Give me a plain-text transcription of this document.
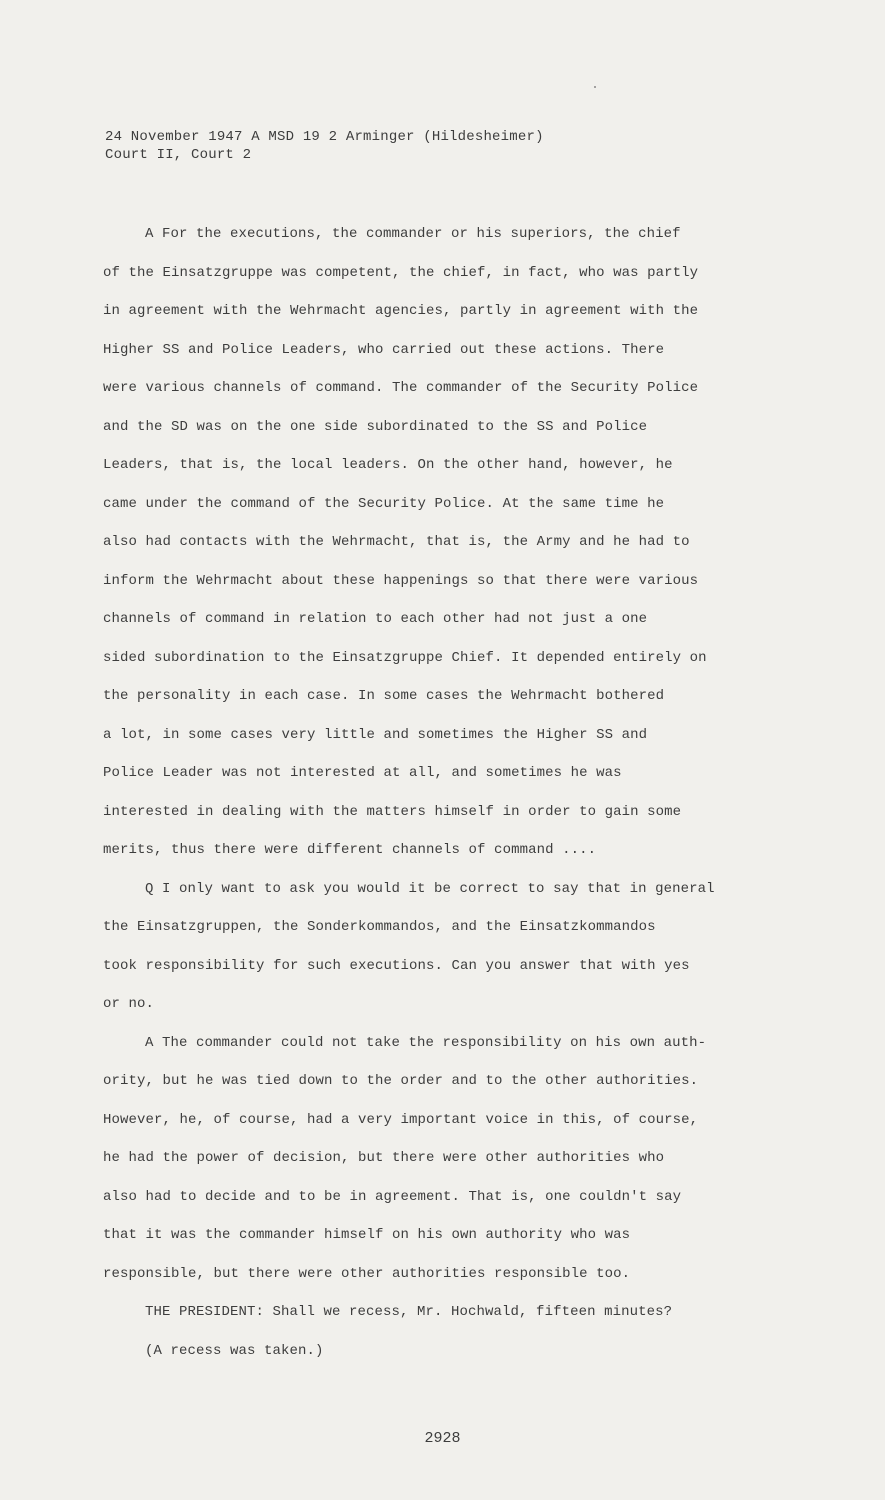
24 November 1947 A MSD 19 2 Arminger (Hildesheimer)
Court II, Court 2
A For the executions, the commander or his superiors, the chief
of the Einsatzgruppe was competent, the chief, in fact, who was partly
in agreement with the Wehrmacht agencies, partly in agreement with the
Higher SS and Police Leaders, who carried out these actions. There
were various channels of command. The commander of the Security Police
and the SD was on the one side subordinated to the SS and Police
Leaders, that is, the local leaders. On the other hand, however, he
came under the command of the Security Police. At the same time he
also had contacts with the Wehrmacht, that is, the Army and he had to
inform the Wehrmacht about these happenings so that there were various
channels of command in relation to each other had not just a one
sided subordination to the Einsatzgruppe Chief. It depended entirely on
the personality in each case. In some cases the Wehrmacht bothered
a lot, in some cases very little and sometimes the Higher SS and
Police Leader was not interested at all, and sometimes he was
interested in dealing with the matters himself in order to gain some
merits, thus there were different channels of command ....
Q I only want to ask you would it be correct to say that in general
the Einsatzgruppen, the Sonderkommandos, and the Einsatzkommandos
took responsibility for such executions. Can you answer that with yes
or no.
A The commander could not take the responsibility on his own auth-
ority, but he was tied down to the order and to the other authorities.
However, he, of course, had a very important voice in this, of course,
he had the power of decision, but there were other authorities who
also had to decide and to be in agreement. That is, one couldn't say
that it was the commander himself on his own authority who was
responsible, but there were other authorities responsible too.
THE PRESIDENT: Shall we recess, Mr. Hochwald, fifteen minutes?
(A recess was taken.)
2928
